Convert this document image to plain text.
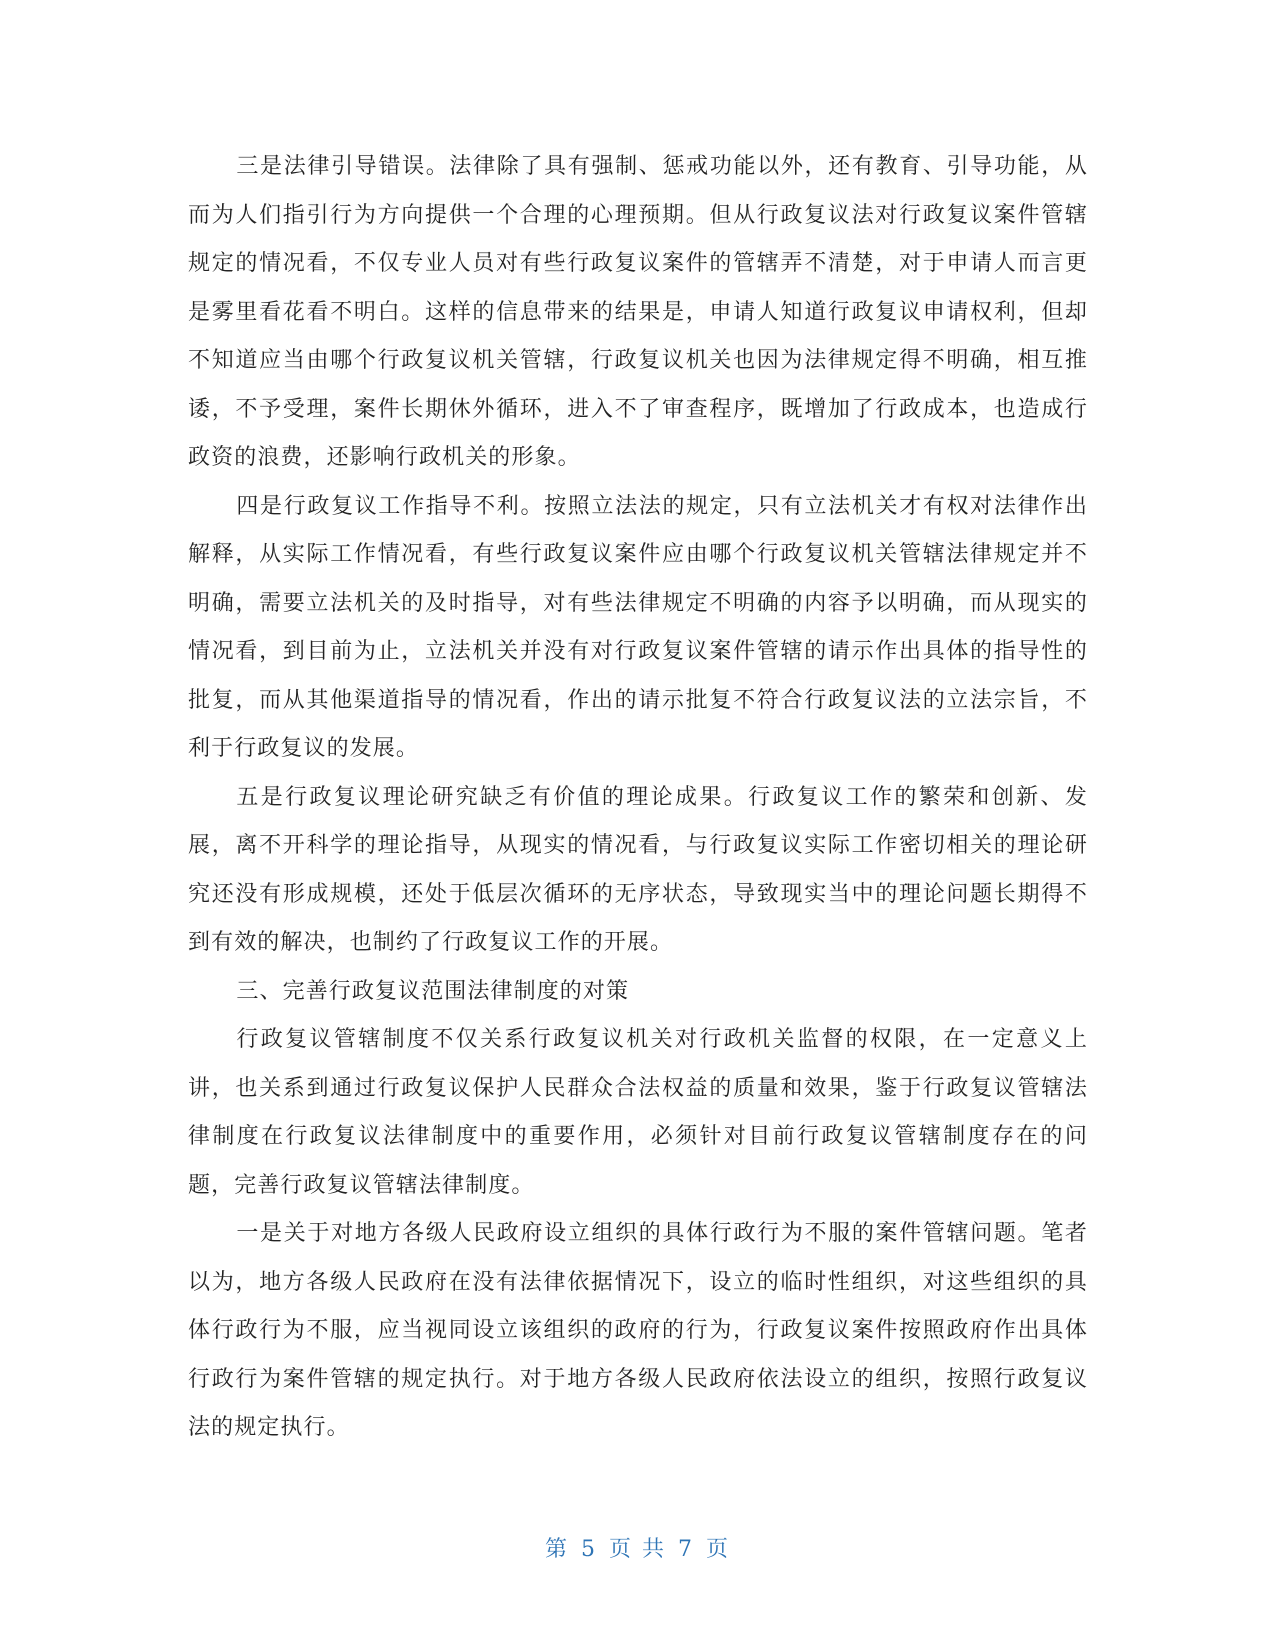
三是法律引导错误。法律除了具有强制、惩戒功能以外，还有教育、引导功能，从而为人们指引行为方向提供一个合理的心理预期。但从行政复议法对行政复议案件管辖规定的情况看，不仅专业人员对有些行政复议案件的管辖弄不清楚，对于申请人而言更是雾里看花看不明白。这样的信息带来的结果是，申请人知道行政复议申请权利，但却不知道应当由哪个行政复议机关管辖，行政复议机关也因为法律规定得不明确，相互推诿，不予受理，案件长期休外循环，进入不了审查程序，既增加了行政成本，也造成行政资的浪费，还影响行政机关的形象。

四是行政复议工作指导不利。按照立法法的规定，只有立法机关才有权对法律作出解释，从实际工作情况看，有些行政复议案件应由哪个行政复议机关管辖法律规定并不明确，需要立法机关的及时指导，对有些法律规定不明确的内容予以明确，而从现实的情况看，到目前为止，立法机关并没有对行政复议案件管辖的请示作出具体的指导性的批复，而从其他渠道指导的情况看，作出的请示批复不符合行政复议法的立法宗旨，不利于行政复议的发展。

五是行政复议理论研究缺乏有价值的理论成果。行政复议工作的繁荣和创新、发展，离不开科学的理论指导，从现实的情况看，与行政复议实际工作密切相关的理论研究还没有形成规模，还处于低层次循环的无序状态，导致现实当中的理论问题长期得不到有效的解决，也制约了行政复议工作的开展。

三、完善行政复议范围法律制度的对策

行政复议管辖制度不仅关系行政复议机关对行政机关监督的权限，在一定意义上讲，也关系到通过行政复议保护人民群众合法权益的质量和效果，鉴于行政复议管辖法律制度在行政复议法律制度中的重要作用，必须针对目前行政复议管辖制度存在的问题，完善行政复议管辖法律制度。

一是关于对地方各级人民政府设立组织的具体行政行为不服的案件管辖问题。笔者以为，地方各级人民政府在没有法律依据情况下，设立的临时性组织，对这些组织的具体行政行为不服，应当视同设立该组织的政府的行为，行政复议案件按照政府作出具体行政行为案件管辖的规定执行。对于地方各级人民政府依法设立的组织，按照行政复议法的规定执行。

第 5 页 共 7 页
